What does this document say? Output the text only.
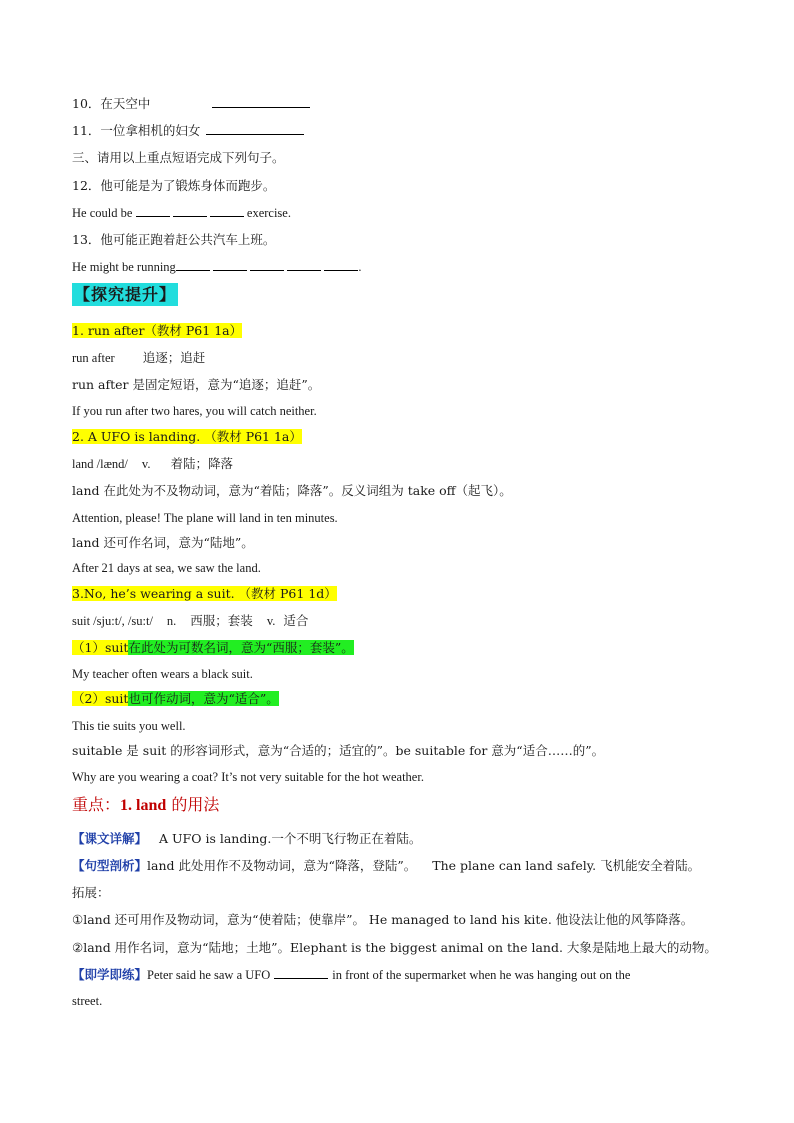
10．在天空中
11．一位拿相机的妇女
三、请用以上重点短语完成下列句子。
12．他可能是为了锻炼身体而跑步。
He could be	exercise.
13．他可能正跑着赶公共汽车上班。
He might be running	.
【探究提升】
1. run after（教材 P61 1a）
run after 追逐；追赶
run after 是固定短语，意为“追逐；追赶”。
If you run after two hares, you will catch neither.
2. A UFO is landing. （教材 P61 1a）
land /lænd/ v. 着陆；降落
land 在此处为不及物动词，意为“着陆；降落”。反义词组为 take off（起飞）。
Attention, please! The plane will land in ten minutes.
land 还可作名词，意为“陆地”。
After 21 days at sea, we saw the land.
3.No, he’s wearing a suit. （教材 P61 1d）
suit /sju:t/, /su:t/ n. 西服；套装 v. 适合
（1）suit在此处为可数名词，意为“西服；套装”。
My teacher often wears a black suit.
（2）suit也可作动词，意为“适合”。
This tie suits you well.
suitable 是 suit 的形容词形式，意为“合适的；适宜的”。be suitable for 意为“适合……的”。
Why are you wearing a coat? It’s not very suitable for the hot weather.
重点：1. land 的用法
【课文详解】 A UFO is landing.一个不明飞行物正在着陆。
【句型剖析】land 此处用作不及物动词，意为“降落，登陆”。 The plane can land safely. 飞机能安全着陆。
拓展：
①land 还可用作及物动词，意为“使着陆；使靠岸”。 He managed to land his kite. 他设法让他的风筝降落。
②land 用作名词，意为“陆地；土地”。Elephant is the biggest animal on the land. 大象是陆地上最大的动物。
【即学即练】Peter said he saw a UFO	in front of the supermarket when he was hanging out on the
street.
